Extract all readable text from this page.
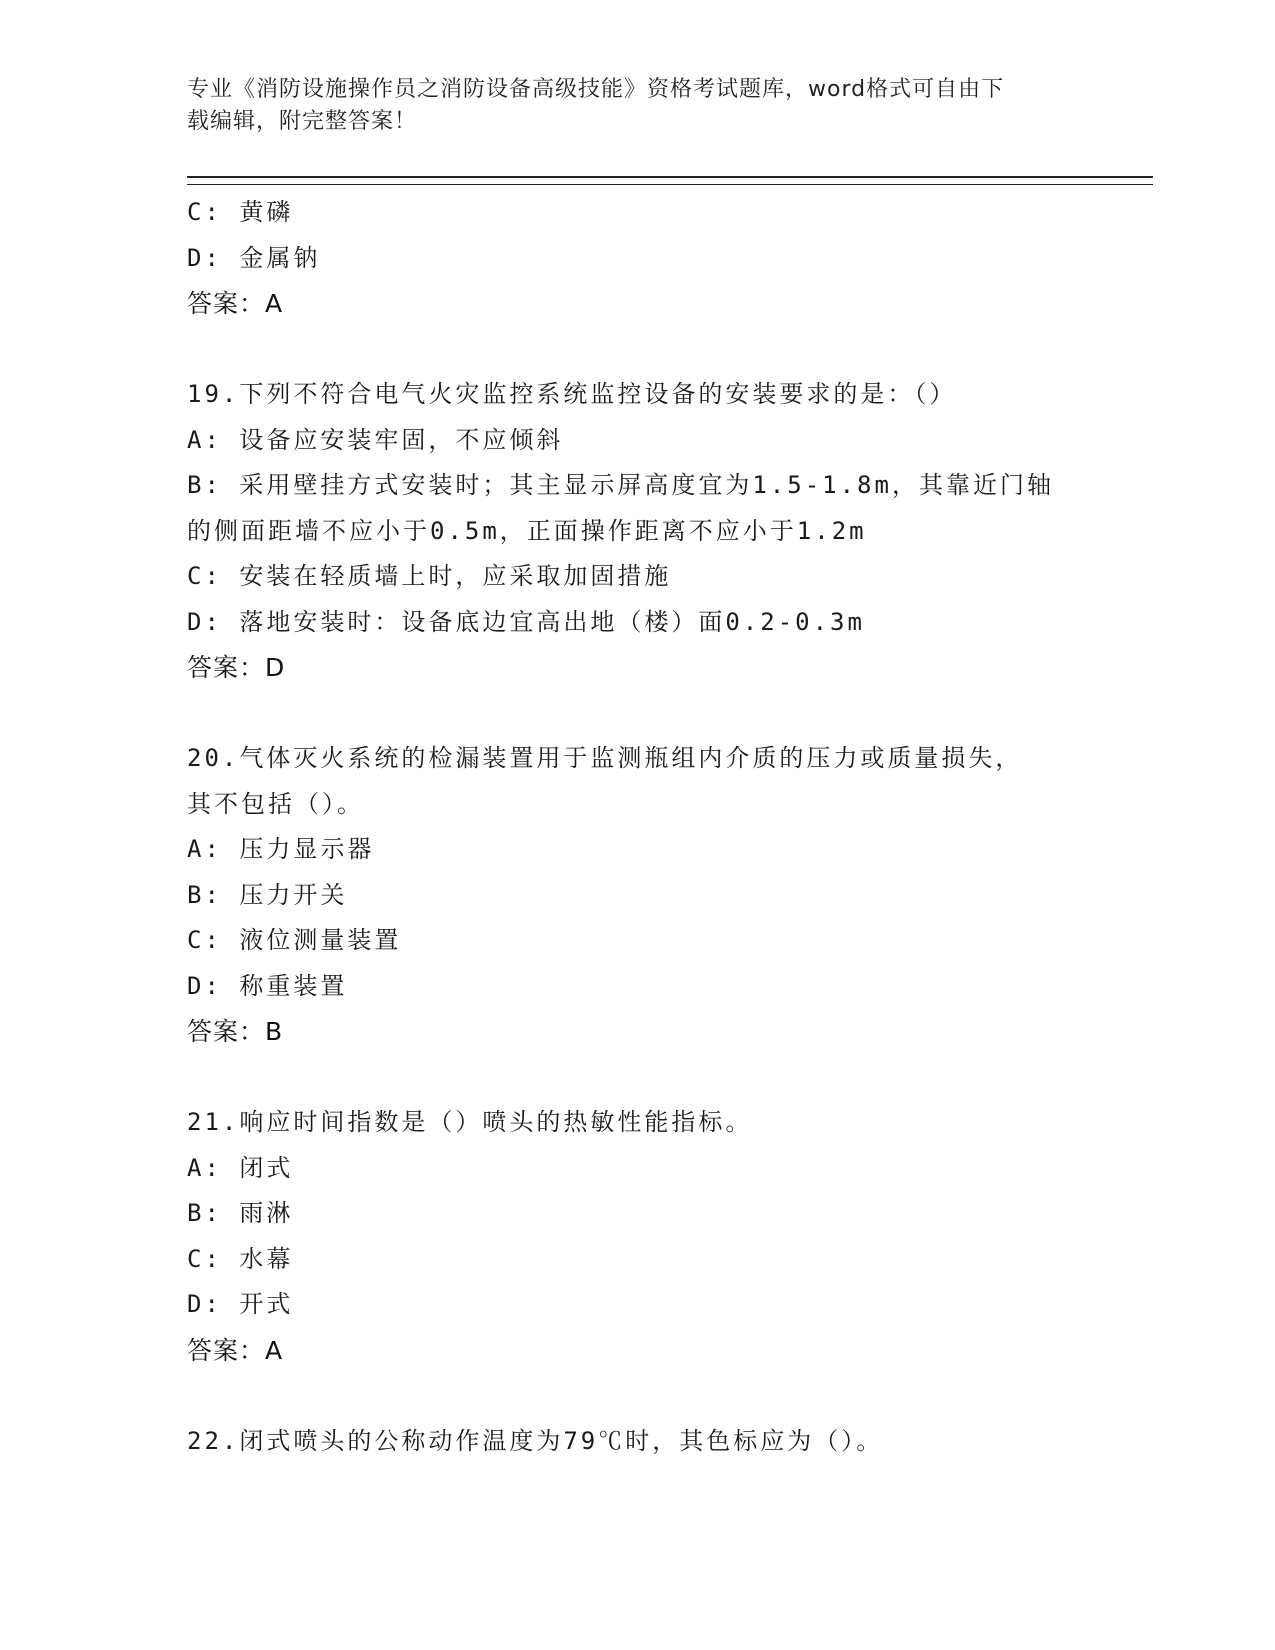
专业《消防设施操作员之消防设备高级技能》资格考试题库，word格式可自由下
载编辑，附完整答案！
C: 黄磷
D: 金属钠
答案：A
19.下列不符合电气火灾监控系统监控设备的安装要求的是：（）
A: 设备应安装牢固，不应倾斜
B: 采用壁挂方式安装时；其主显示屏高度宜为1.5-1.8m，其靠近门轴
的侧面距墙不应小于0.5m，正面操作距离不应小于1.2m
C: 安装在轻质墙上时，应采取加固措施
D: 落地安装时：设备底边宜高出地（楼）面0.2-0.3m
答案：D
20.气体灭火系统的检漏装置用于监测瓶组内介质的压力或质量损失，
其不包括（）。
A: 压力显示器
B: 压力开关
C: 液位测量装置
D: 称重装置
答案：B
21.响应时间指数是（）喷头的热敏性能指标。
A: 闭式
B: 雨淋
C: 水幕
D: 开式
答案：A
22.闭式喷头的公称动作温度为79℃时，其色标应为（）。
